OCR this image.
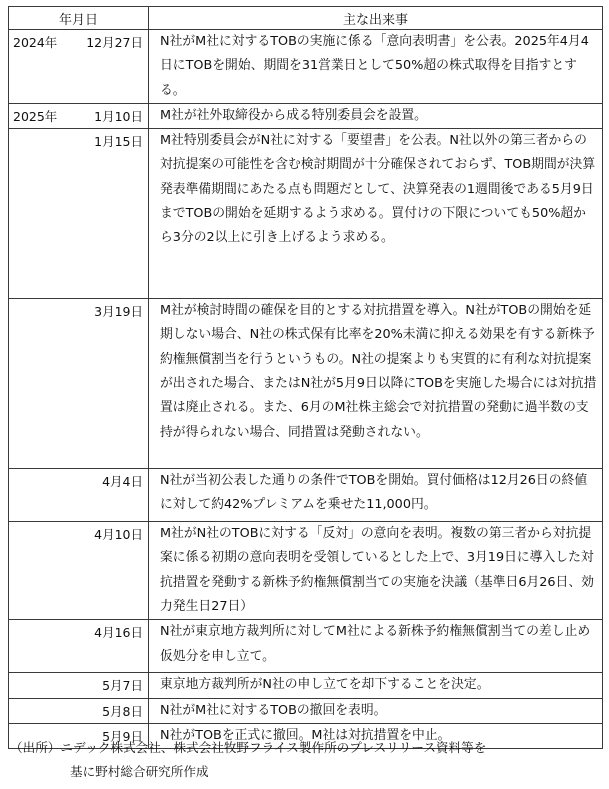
年月日	主な出来事

2024年 12月27日	N社がM社に対するTOBの実施に係る「意向表明書」を公表。2025年4月4日にTOBを開始、期間を31営業日として50%超の株式取得を目指すとする。

2025年 1月10日	M社が社外取締役から成る特別委員会を設置。

1月15日	M社特別委員会がN社に対する「要望書」を公表。N社以外の第三者からの対抗提案の可能性を含む検討期間が十分確保されておらず、TOB期間が決算発表準備期間にあたる点も問題だとして、決算発表の1週間後である5月9日までTOBの開始を延期するよう求める。買付けの下限についても50%超から3分の2以上に引き上げるよう求める。

3月19日	M社が検討時間の確保を目的とする対抗措置を導入。N社がTOBの開始を延期しない場合、N社の株式保有比率を20%未満に抑える効果を有する新株予約権無償割当を行うというもの。N社の提案よりも実質的に有利な対抗提案が出された場合、またはN社が5月9日以降にTOBを実施した場合には対抗措置は廃止される。また、6月のM社株主総会で対抗措置の発動に過半数の支持が得られない場合、同措置は発動されない。

4月4日	N社が当初公表した通りの条件でTOBを開始。買付価格は12月26日の終値に対して約42%プレミアムを乗せた11,000円。

4月10日	M社がN社のTOBに対する「反対」の意向を表明。複数の第三者から対抗提案に係る初期の意向表明を受領しているとした上で、3月19日に導入した対抗措置を発動する新株予約権無償割当ての実施を決議（基準日6月26日、効力発生日27日）

4月16日	N社が東京地方裁判所に対してM社による新株予約権無償割当ての差し止め仮処分を申し立て。

5月7日	東京地方裁判所がN社の申し立てを却下することを決定。

5月8日	N社がM社に対するTOBの撤回を表明。

5月9日	N社がTOBを正式に撤回。M社は対抗措置を中止。
（出所）ニデック株式会社、株式会社牧野フライス製作所のプレスリリース資料等を
基に野村総合研究所作成
